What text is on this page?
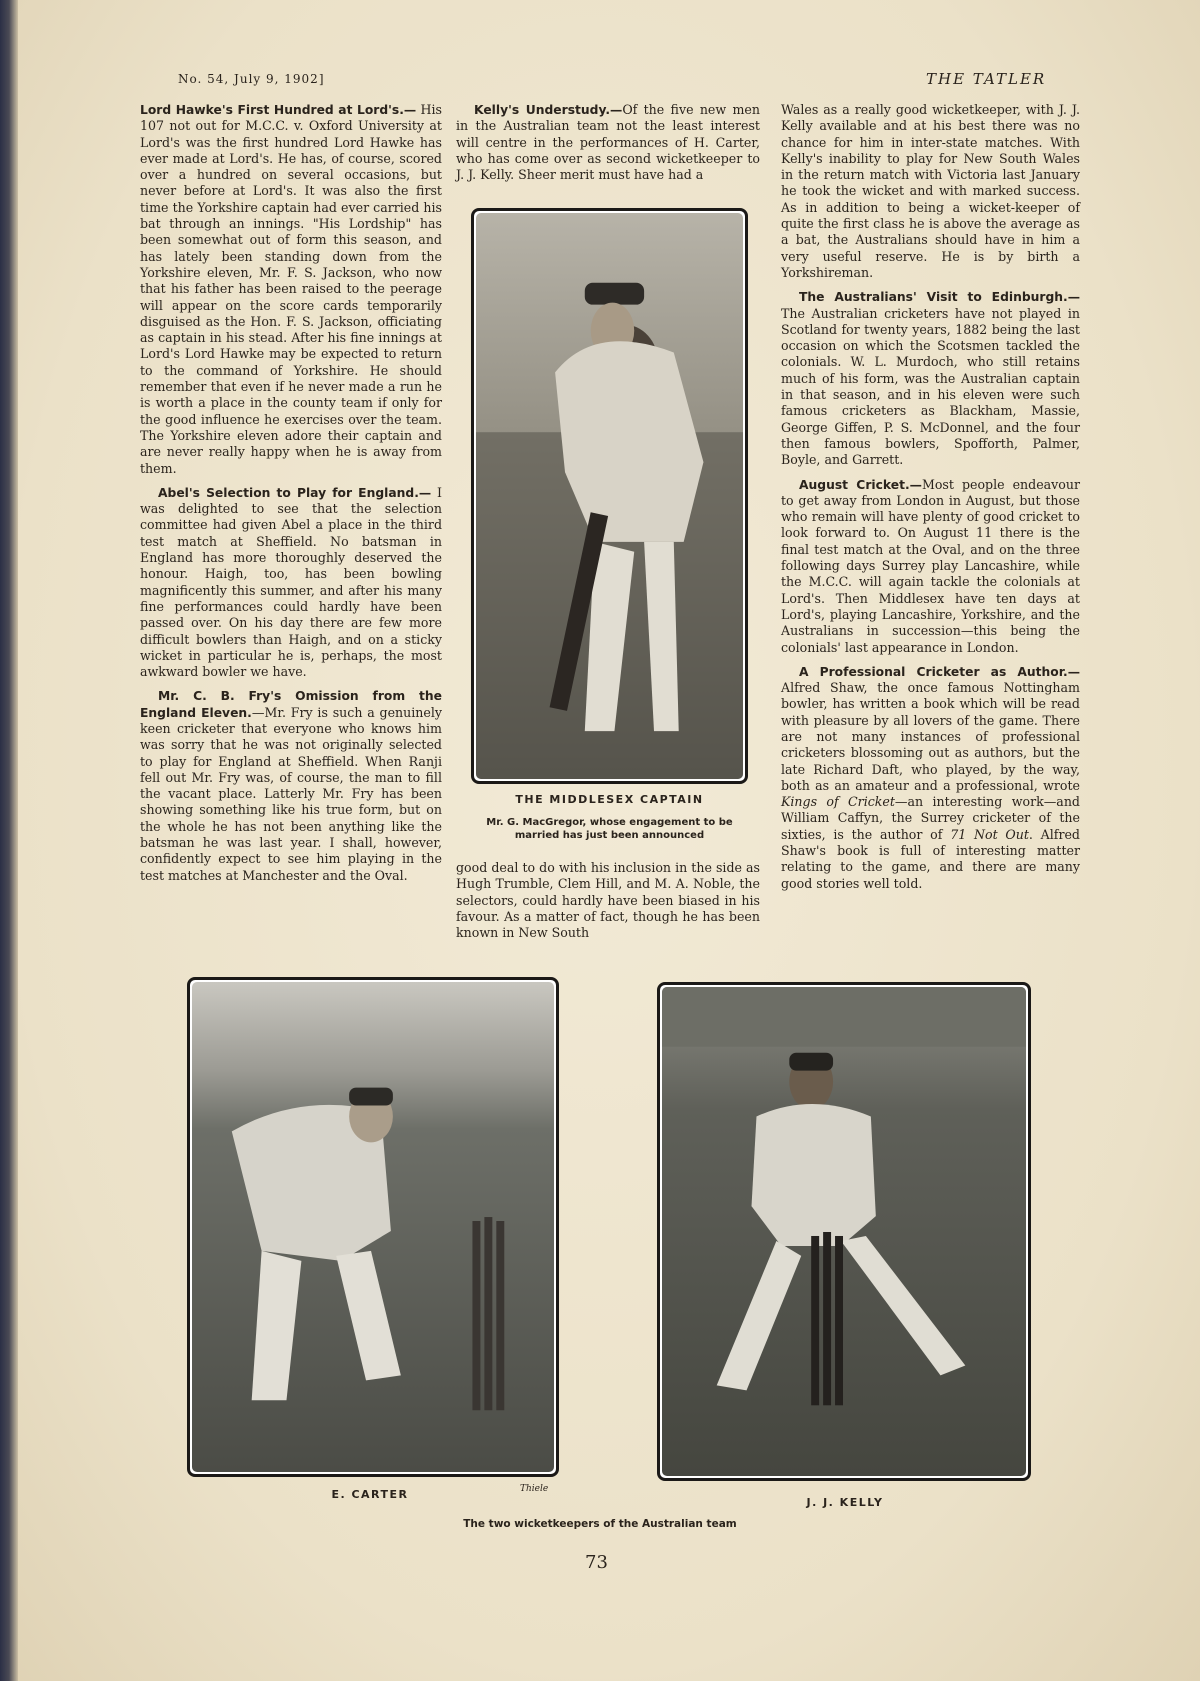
No. 54, July 9, 1902]	THE TATLER

Lord Hawke's First Hundred at Lord's.— His 107 not out for M.C.C. v. Oxford University at Lord's was the first hundred Lord Hawke has ever made at Lord's. He has, of course, scored over a hundred on several occasions, but never before at Lord's. It was also the first time the Yorkshire captain had ever carried his bat through an innings. "His Lordship" has been somewhat out of form this season, and has lately been standing down from the Yorkshire eleven, Mr. F. S. Jackson, who now that his father has been raised to the peerage will appear on the score cards temporarily disguised as the Hon. F. S. Jackson, officiating as captain in his stead. After his fine innings at Lord's Lord Hawke may be expected to return to the command of Yorkshire. He should remember that even if he never made a run he is worth a place in the county team if only for the good influence he exercises over the team. The Yorkshire eleven adore their captain and are never really happy when he is away from them.

Abel's Selection to Play for England.— I was delighted to see that the selection committee had given Abel a place in the third test match at Sheffield. No batsman in England has more thoroughly deserved the honour. Haigh, too, has been bowling magnificently this summer, and after his many fine performances could hardly have been passed over. On his day there are few more difficult bowlers than Haigh, and on a sticky wicket in particular he is, perhaps, the most awkward bowler we have.

Mr. C. B. Fry's Omission from the England Eleven.—Mr. Fry is such a genuinely keen cricketer that everyone who knows him was sorry that he was not originally selected to play for England at Sheffield. When Ranji fell out Mr. Fry was, of course, the man to fill the vacant place. Latterly Mr. Fry has been showing something like his true form, but on the whole he has not been anything like the batsman he was last year. I shall, however, confidently expect to see him playing in the test matches at Manchester and the Oval.

Kelly's Understudy.—Of the five new men in the Australian team not the least interest will centre in the performances of H. Carter, who has come over as second wicketkeeper to J. J. Kelly. Sheer merit must have had a

THE MIDDLESEX CAPTAIN
Mr. G. MacGregor, whose engagement to be married has just been announced

good deal to do with his inclusion in the side as Hugh Trumble, Clem Hill, and M. A. Noble, the selectors, could hardly have been biased in his favour. As a matter of fact, though he has been known in New South

Wales as a really good wicketkeeper, with J. J. Kelly available and at his best there was no chance for him in inter-state matches. With Kelly's inability to play for New South Wales in the return match with Victoria last January he took the wicket and with marked success. As in addition to being a wicket-keeper of quite the first class he is above the average as a bat, the Australians should have in him a very useful reserve. He is by birth a Yorkshireman.

The Australians' Visit to Edinburgh.— The Australian cricketers have not played in Scotland for twenty years, 1882 being the last occasion on which the Scotsmen tackled the colonials. W. L. Murdoch, who still retains much of his form, was the Australian captain in that season, and in his eleven were such famous cricketers as Blackham, Massie, George Giffen, P. S. McDonnel, and the four then famous bowlers, Spofforth, Palmer, Boyle, and Garrett.

August Cricket.—Most people endeavour to get away from London in August, but those who remain will have plenty of good cricket to look forward to. On August 11 there is the final test match at the Oval, and on the three following days Surrey play Lancashire, while the M.C.C. will again tackle the colonials at Lord's. Then Middlesex have ten days at Lord's, playing Lancashire, Yorkshire, and the Australians in succession—this being the colonials' last appearance in London.

A Professional Cricketer as Author.— Alfred Shaw, the once famous Nottingham bowler, has written a book which will be read with pleasure by all lovers of the game. There are not many instances of professional cricketers blossoming out as authors, but the late Richard Daft, who played, by the way, both as an amateur and a professional, wrote Kings of Cricket—an interesting work—and William Caffyn, the Surrey cricketer of the sixties, is the author of 71 Not Out. Alfred Shaw's book is full of interesting matter relating to the game, and there are many good stories well told.

E. CARTER	Thiele
J. J. KELLY
The two wicketkeepers of the Australian team
73
